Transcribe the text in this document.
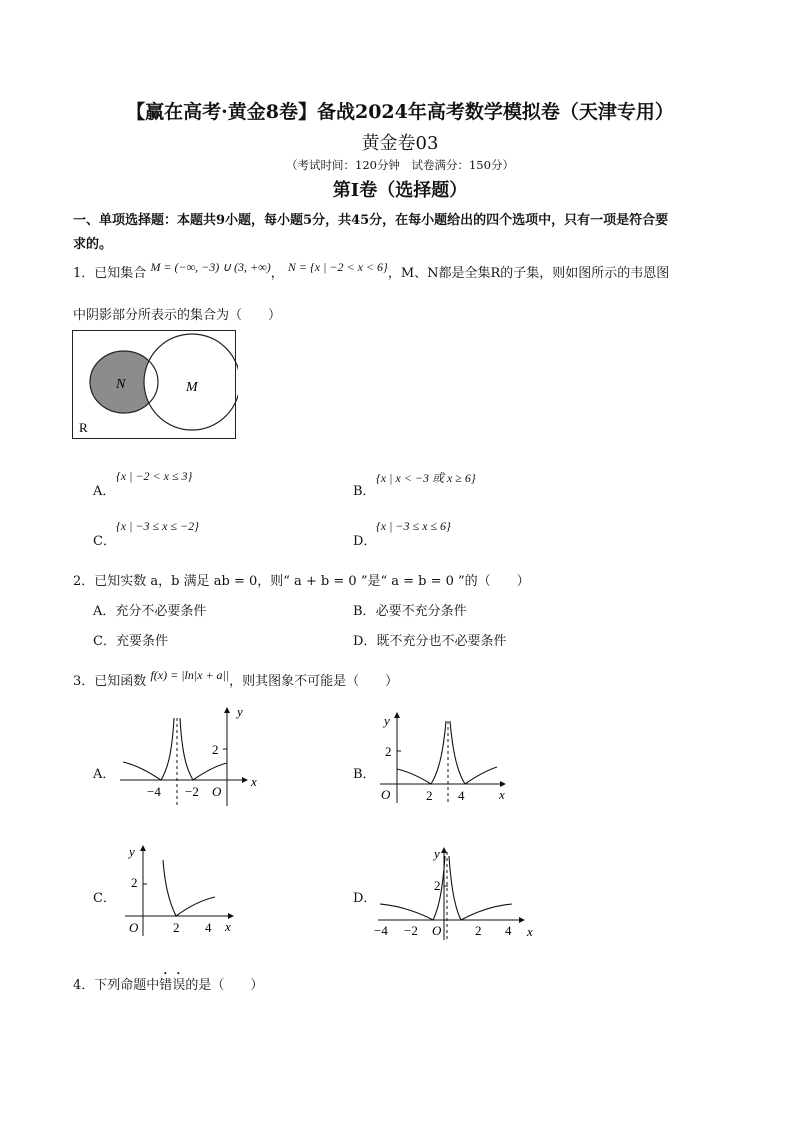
【赢在高考·黄金8卷】备战2024年高考数学模拟卷（天津专用）
黄金卷03
（考试时间：120分钟　试卷满分：150分）
第I卷（选择题）
一、单项选择题：本题共9小题，每小题5分，共45分，在每小题给出的四个选项中，只有一项是符合要
求的。
1．已知集合 M = (−∞, −3) ∪ (3, +∞)， N = {x | −2 < x < 6}，M、N都是全集R的子集，则如图所示的韦恩图
中阴影部分所表示的集合为（　　）
N	M
R
A．
{x | −2 < x ≤ 3}
B．
{x | x < −3 或 x ≥ 6}
C．
{x | −3 ≤ x ≤ −2}
D．
{x | −3 ≤ x ≤ 6}
2．已知实数 a，b 满足 ab = 0，则“ a + b = 0 ”是“ a = b = 0 ”的（　　）
A．充分不必要条件	B．必要不充分条件
C．充要条件	D．既不充分也不必要条件
3．已知函数 f(x) = |ln|x + a||，则其图象不可能是（　　）
A．
y
x
2
−4 −2 O
B．
y
x
2
O	2 4
C．
y
x
2
O	2 4
D．
y
x
2
−4 −2 O	2 4
4．下列命题中错误的是（　　）
